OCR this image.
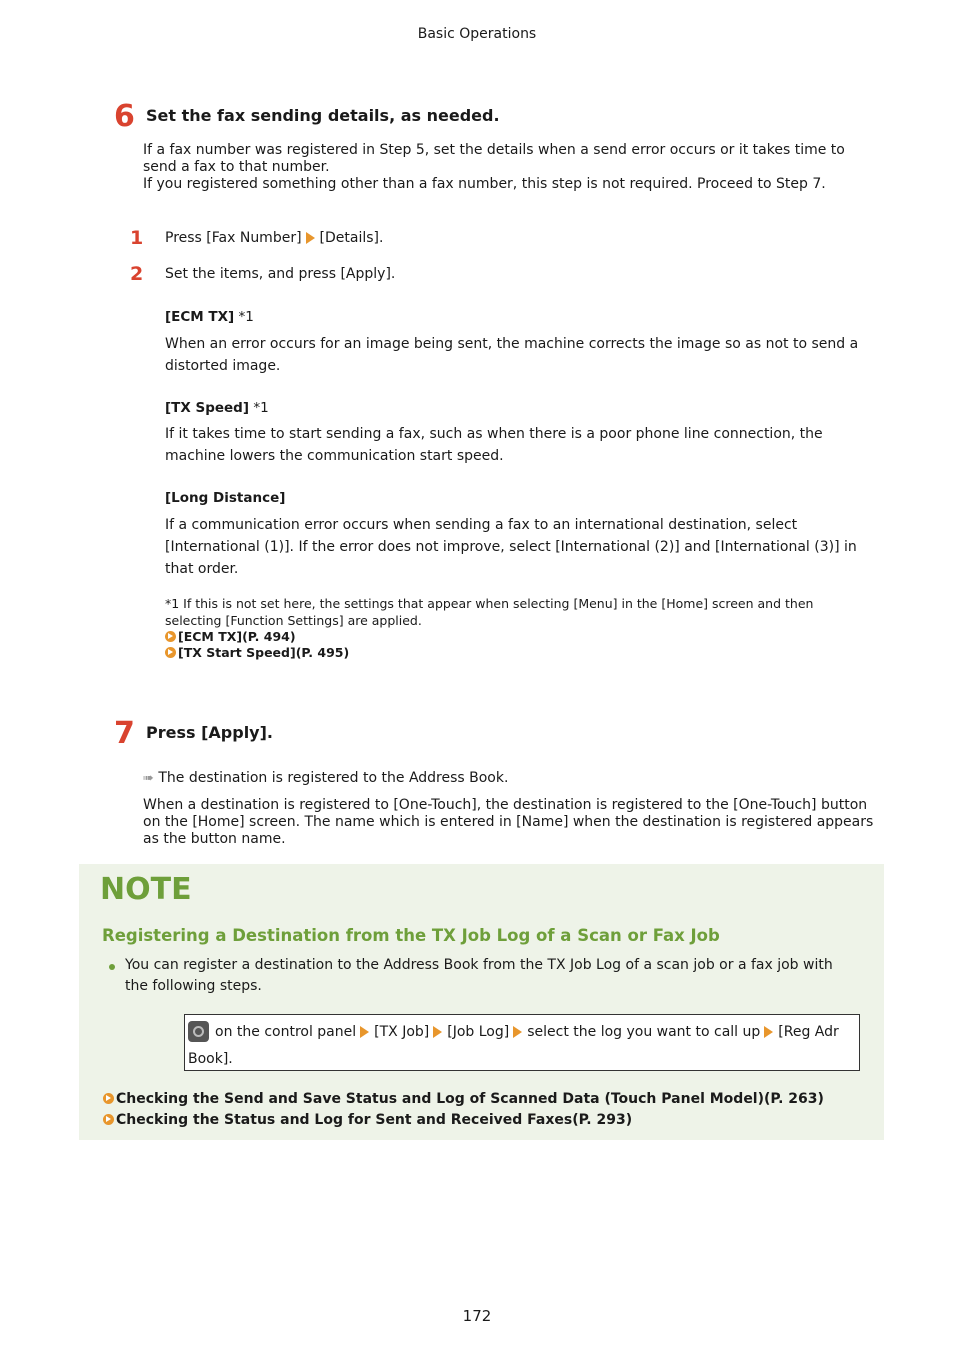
Basic Operations
6 Set the fax sending details, as needed.
If a fax number was registered in Step 5, set the details when a send error occurs or it takes time to send a fax to that number.
If you registered something other than a fax number, this step is not required. Proceed to Step 7.
1 Press [Fax Number] [Details].
2 Set the items, and press [Apply].
[ECM TX] *1
When an error occurs for an image being sent, the machine corrects the image so as not to send a distorted image.
[TX Speed] *1
If it takes time to start sending a fax, such as when there is a poor phone line connection, the machine lowers the communication start speed.
[Long Distance]
If a communication error occurs when sending a fax to an international destination, select [International (1)]. If the error does not improve, select [International (2)] and [International (3)] in that order.
*1 If this is not set here, the settings that appear when selecting [Menu] in the [Home] screen and then selecting [Function Settings] are applied.
[ECM TX](P. 494)
[TX Start Speed](P. 495)
7 Press [Apply].
➠ The destination is registered to the Address Book.
When a destination is registered to [One-Touch], the destination is registered to the [One-Touch] button on the [Home] screen. The name which is entered in [Name] when the destination is registered appears as the button name.
NOTE
Registering a Destination from the TX Job Log of a Scan or Fax Job
You can register a destination to the Address Book from the TX Job Log of a scan job or a fax job with the following steps.
on the control panel [TX Job] [Job Log] select the log you want to call up [Reg Adr Book].
Checking the Send and Save Status and Log of Scanned Data (Touch Panel Model)(P. 263)
Checking the Status and Log for Sent and Received Faxes(P. 293)
172
